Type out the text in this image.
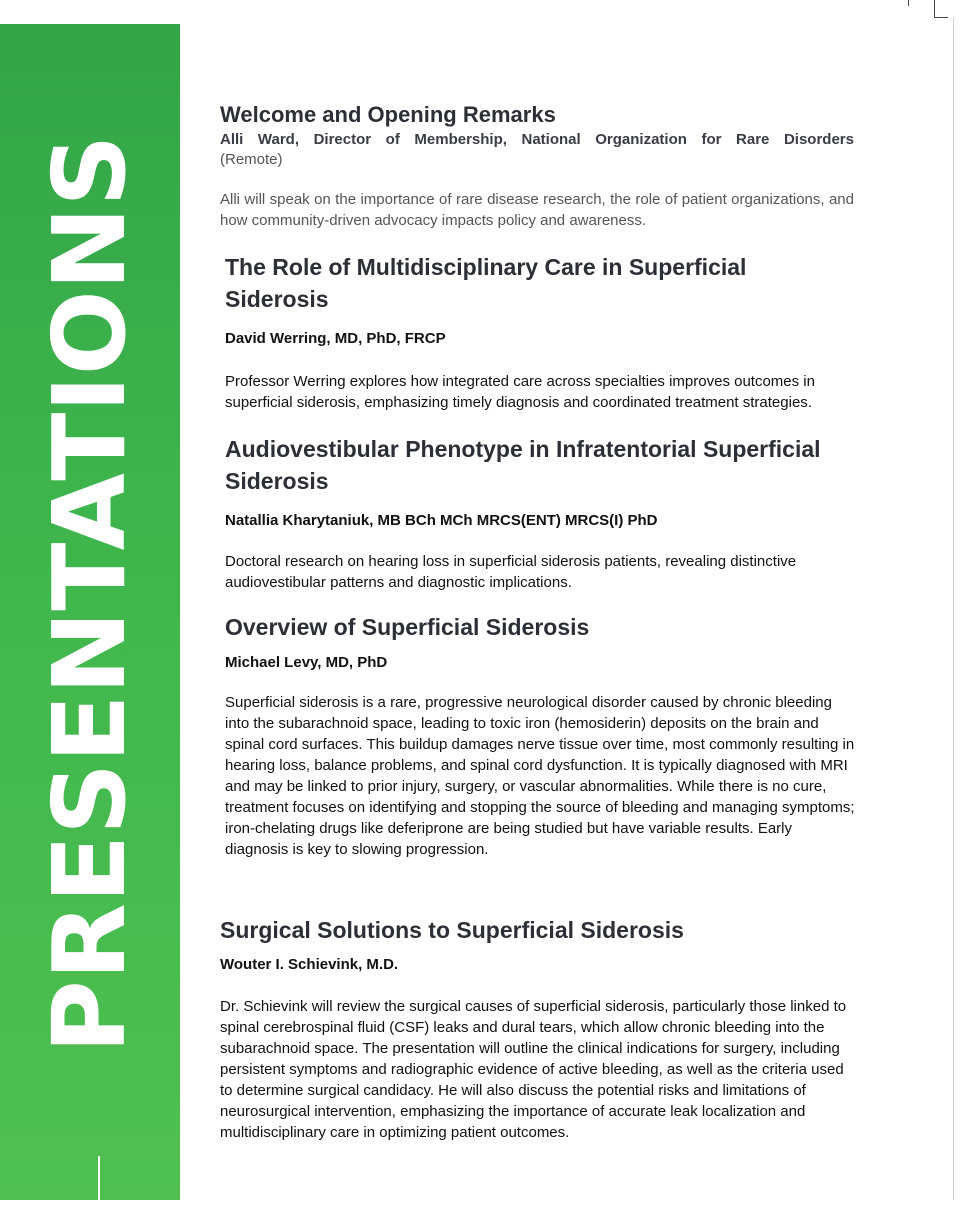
PRESENTATIONS
Welcome and Opening Remarks

Alli Ward, Director of Membership, National Organization for Rare Disorders

(Remote)

Alli will speak on the importance of rare disease research, the role of patient organizations, and how community-driven advocacy impacts policy and awareness.

The Role of Multidisciplinary Care in Superficial Siderosis

David Werring, MD, PhD, FRCP

Professor Werring explores how integrated care across specialties improves outcomes in superficial siderosis, emphasizing timely diagnosis and coordinated treatment strategies.

Audiovestibular Phenotype in Infratentorial Superficial Siderosis

Natallia Kharytaniuk, MB BCh MCh MRCS(ENT) MRCS(I) PhD

Doctoral research on hearing loss in superficial siderosis patients, revealing distinctive audiovestibular patterns and diagnostic implications.

Overview of Superficial Siderosis

Michael Levy, MD, PhD

Superficial siderosis is a rare, progressive neurological disorder caused by chronic bleeding into the subarachnoid space, leading to toxic iron (hemosiderin) deposits on the brain and spinal cord surfaces. This buildup damages nerve tissue over time, most commonly resulting in hearing loss, balance problems, and spinal cord dysfunction. It is typically diagnosed with MRI and may be linked to prior injury, surgery, or vascular abnormalities. While there is no cure, treatment focuses on identifying and stopping the source of bleeding and managing symptoms; iron-chelating drugs like deferiprone are being studied but have variable results. Early diagnosis is key to slowing progression.

Surgical Solutions to Superficial Siderosis

Wouter I. Schievink, M.D.

Dr. Schievink will review the surgical causes of superficial siderosis, particularly those linked to spinal cerebrospinal fluid (CSF) leaks and dural tears, which allow chronic bleeding into the subarachnoid space. The presentation will outline the clinical indications for surgery, including persistent symptoms and radiographic evidence of active bleeding, as well as the criteria used to determine surgical candidacy. He will also discuss the potential risks and limitations of neurosurgical intervention, emphasizing the importance of accurate leak localization and multidisciplinary care in optimizing patient outcomes.
